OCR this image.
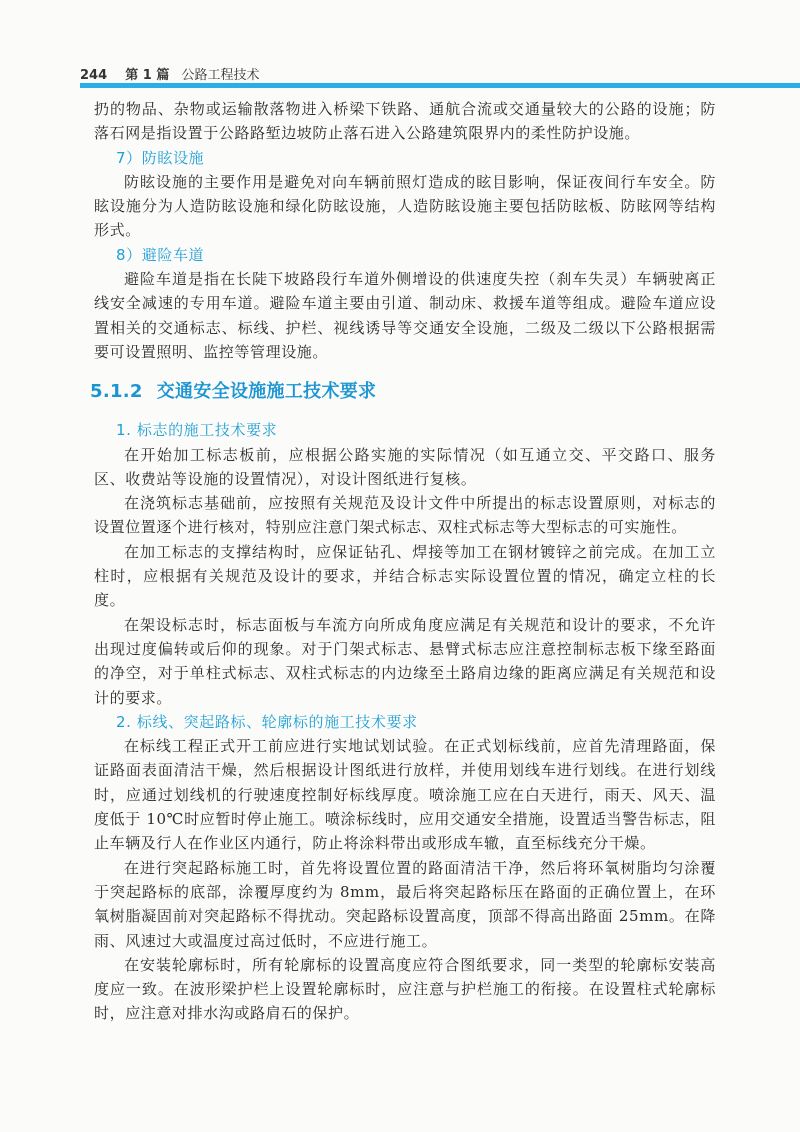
244 第 1 篇 公路工程技术

扔的物品、杂物或运输散落物进入桥梁下铁路、通航合流或交通量较大的公路的设施；防落石网是指设置于公路路堑边坡防止落石进入公路建筑限界内的柔性防护设施。

7）防眩设施

防眩设施的主要作用是避免对向车辆前照灯造成的眩目影响，保证夜间行车安全。防眩设施分为人造防眩设施和绿化防眩设施，人造防眩设施主要包括防眩板、防眩网等结构形式。

8）避险车道

避险车道是指在长陡下坡路段行车道外侧增设的供速度失控（刹车失灵）车辆驶离正线安全减速的专用车道。避险车道主要由引道、制动床、救援车道等组成。避险车道应设置相关的交通标志、标线、护栏、视线诱导等交通安全设施，二级及二级以下公路根据需要可设置照明、监控等管理设施。

5.1.2 交通安全设施施工技术要求
1. 标志的施工技术要求

在开始加工标志板前，应根据公路实施的实际情况（如互通立交、平交路口、服务区、收费站等设施的设置情况），对设计图纸进行复核。

在浇筑标志基础前，应按照有关规范及设计文件中所提出的标志设置原则，对标志的设置位置逐个进行核对，特别应注意门架式标志、双柱式标志等大型标志的可实施性。

在加工标志的支撑结构时，应保证钻孔、焊接等加工在钢材镀锌之前完成。在加工立柱时，应根据有关规范及设计的要求，并结合标志实际设置位置的情况，确定立柱的长度。

在架设标志时，标志面板与车流方向所成角度应满足有关规范和设计的要求，不允许出现过度偏转或后仰的现象。对于门架式标志、悬臂式标志应注意控制标志板下缘至路面的净空，对于单柱式标志、双柱式标志的内边缘至土路肩边缘的距离应满足有关规范和设计的要求。

2. 标线、突起路标、轮廓标的施工技术要求

在标线工程正式开工前应进行实地试划试验。在正式划标线前，应首先清理路面，保证路面表面清洁干燥，然后根据设计图纸进行放样，并使用划线车进行划线。在进行划线时，应通过划线机的行驶速度控制好标线厚度。喷涂施工应在白天进行，雨天、风天、温度低于 10℃时应暂时停止施工。喷涂标线时，应用交通安全措施，设置适当警告标志，阻止车辆及行人在作业区内通行，防止将涂料带出或形成车辙，直至标线充分干燥。

在进行突起路标施工时，首先将设置位置的路面清洁干净，然后将环氧树脂均匀涂覆于突起路标的底部，涂覆厚度约为 8mm，最后将突起路标压在路面的正确位置上，在环氧树脂凝固前对突起路标不得扰动。突起路标设置高度，顶部不得高出路面 25mm。在降雨、风速过大或温度过高过低时，不应进行施工。

在安装轮廓标时，所有轮廓标的设置高度应符合图纸要求，同一类型的轮廓标安装高度应一致。在波形梁护栏上设置轮廓标时，应注意与护栏施工的衔接。在设置柱式轮廓标时，应注意对排水沟或路肩石的保护。
